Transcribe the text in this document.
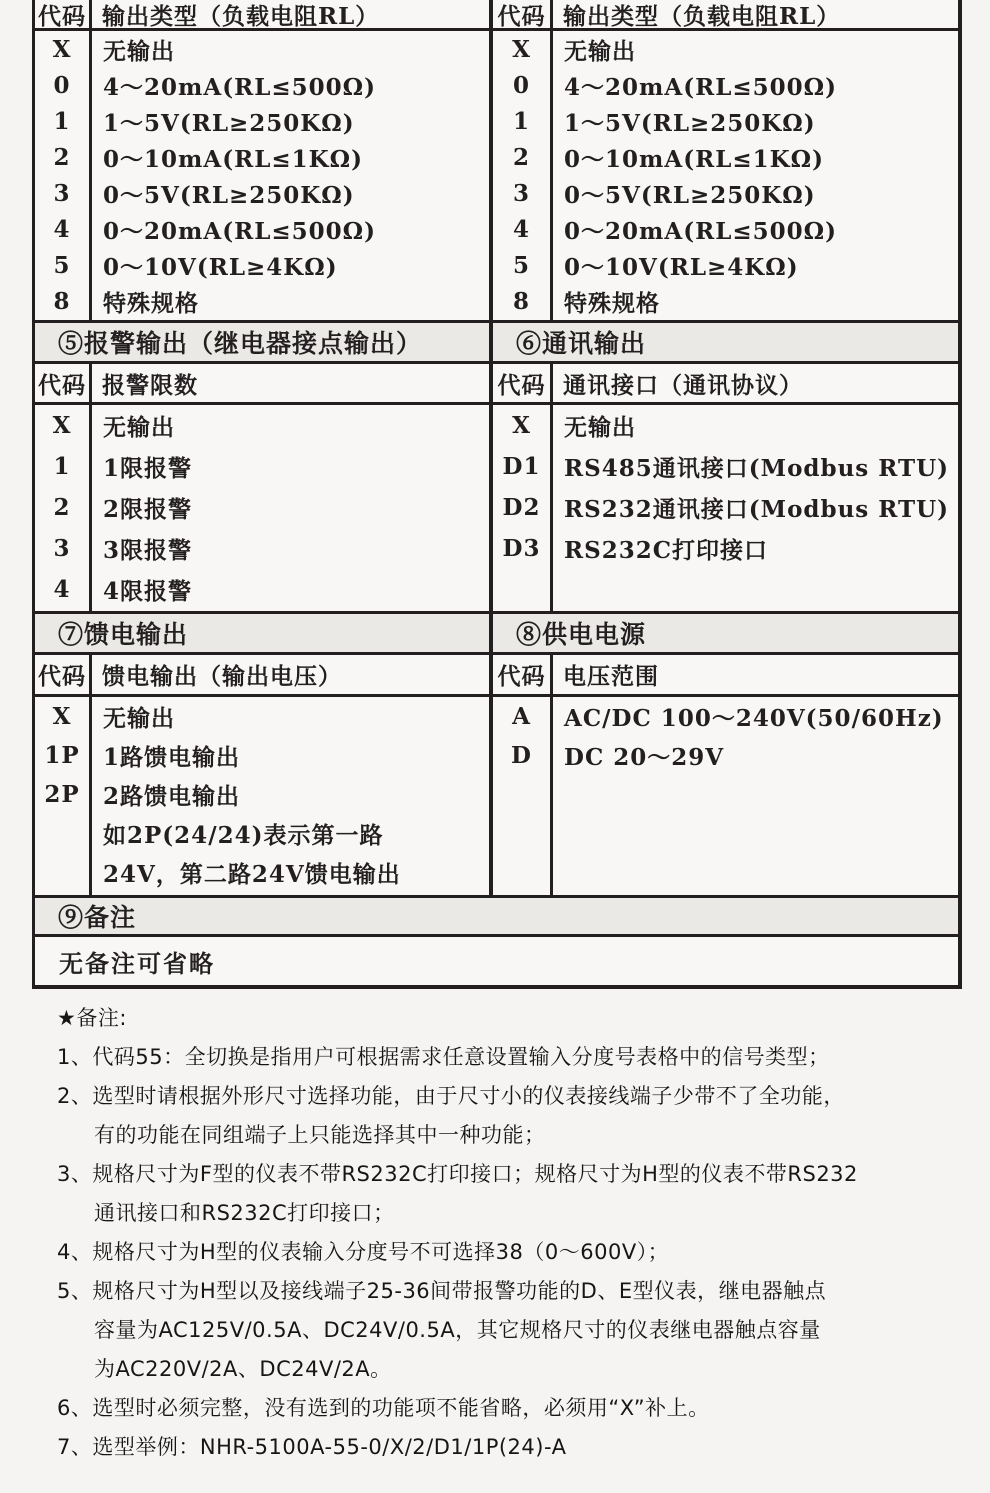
代码 输出类型（负载电阻RL）
X
0
1
2
3
4
5
8
无输出
4～20mA(RL≤500Ω)
1～5V(RL≥250KΩ)
0～10mA(RL≤1KΩ)
0～5V(RL≥250KΩ)
0～20mA(RL≤500Ω)
0～10V(RL≥4KΩ)
特殊规格
代码 输出类型（负载电阻RL）
X
0
1
2
3
4
5
8
无输出
4～20mA(RL≤500Ω)
1～5V(RL≥250KΩ)
0～10mA(RL≤1KΩ)
0～5V(RL≥250KΩ)
0～20mA(RL≤500Ω)
0～10V(RL≥4KΩ)
特殊规格
⑤报警输出（继电器接点输出）	⑥通讯输出
代码 报警限数
X
1
2
3
4
无输出
1限报警
2限报警
3限报警
4限报警
代码 通讯接口（通讯协议）
X
D1
D2
D3
无输出
RS485通讯接口(Modbus RTU)
RS232通讯接口(Modbus RTU)
RS232C打印接口
⑦馈电输出	⑧供电电源
代码 馈电输出（输出电压）
X
1P
2P
无输出
1路馈电输出
2路馈电输出
如2P(24/24)表示第一路
24V，第二路24V馈电输出
代码 电压范围
A
D
AC/DC 100～240V(50/60Hz)
DC 20～29V
⑨备注
无备注可省略
★备注:
1、代码55：全切换是指用户可根据需求任意设置输入分度号表格中的信号类型；
2、选型时请根据外形尺寸选择功能，由于尺寸小的仪表接线端子少带不了全功能，
有的功能在同组端子上只能选择其中一种功能；
3、规格尺寸为F型的仪表不带RS232C打印接口；规格尺寸为H型的仪表不带RS232
通讯接口和RS232C打印接口；
4、规格尺寸为H型的仪表输入分度号不可选择38（0～600V）；
5、规格尺寸为H型以及接线端子25-36间带报警功能的D、E型仪表，继电器触点
容量为AC125V/0.5A、DC24V/0.5A，其它规格尺寸的仪表继电器触点容量
为AC220V/2A、DC24V/2A。
6、选型时必须完整，没有选到的功能项不能省略，必须用“X”补上。
7、选型举例：NHR-5100A-55-0/X/2/D1/1P(24)-A
